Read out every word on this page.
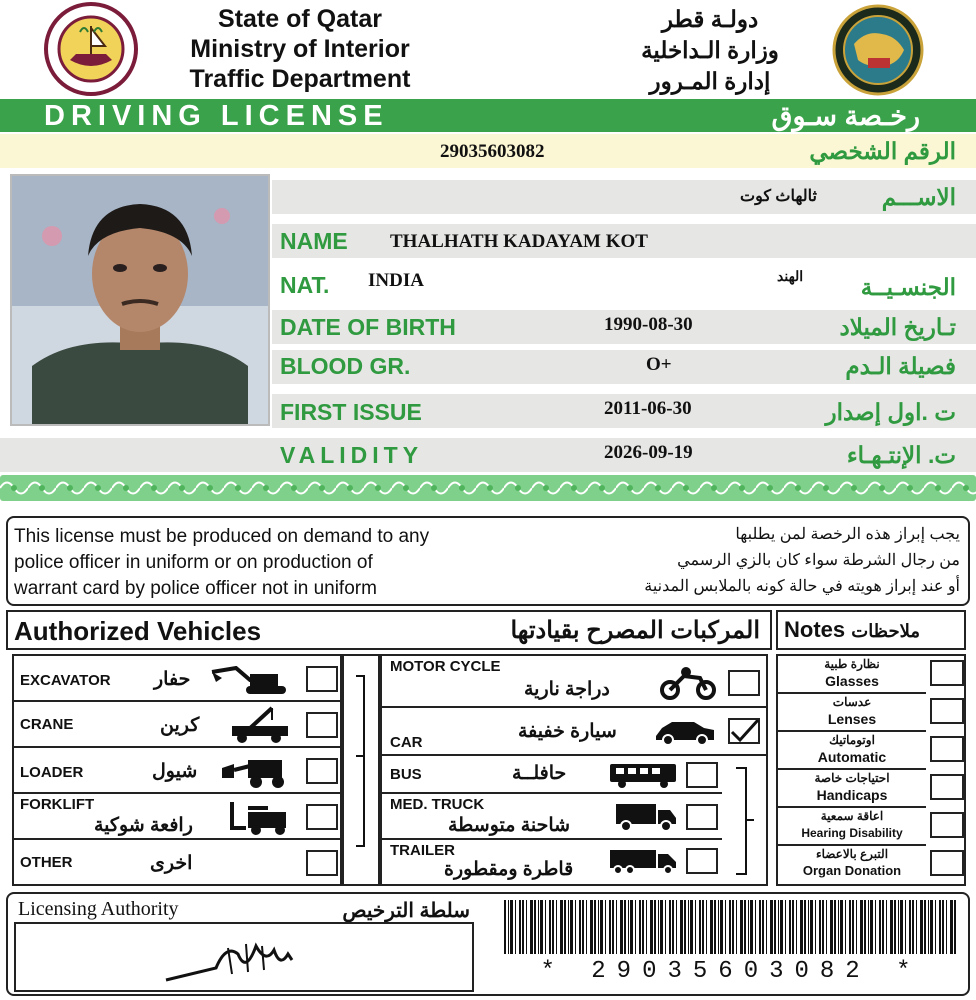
State of Qatar
Ministry of Interior
Traffic Department
دولـة قطر
وزارة الـداخلية
إدارة المـرور
DRIVING LICENSE	رخـصة سـوق
29035603082	الرقم الشخصي
ثالهاث كوت	الاســـم
NAME THALHATH KADAYAM KOT
NAT. INDIA	الهند	الجنسـيــة
DATE OF BIRTH	1990-08-30	تـاريخ الميلاد
BLOOD GR.	O+	فصيلة الـدم
FIRST ISSUE	2011-06-30	ت .اول إصدار
VALIDITY	2026-09-19	ت. الإنتـهـاء
This license must be produced on demand to any
police officer in uniform or on production of
warrant card by police officer not in uniform
يجب إبراز هذه الرخصة لمن يطلبها
من رجال الشرطة سواء كان بالزي الرسمي
أو عند إبراز هويته في حالة كونه بالملابس المدنية
Authorized Vehicles	المركبات المصرح بقيادتها Notes ملاحظات
EXCAVATOR حفار
CRANE	كرين
LOADER	شيول
FORKLIFT
رافعة شوكية
OTHER	اخرى
MOTOR CYCLE
دراجة نارية
CAR
سيارة خفيفة
BUS	حافلــة
MED. TRUCK
شاحنة متوسطة
TRAILER
قاطرة ومقطورة
نظارة طبية
Glasses
عدسات
Lenses
اوتوماتيك
Automatic
احتياجات خاصة
Handicaps
اعاقة سمعية
Hearing Disability
التبرع بالاعضاء
Organ Donation
Licensing Authority	سلطة الترخيص
* 29035603082 *
